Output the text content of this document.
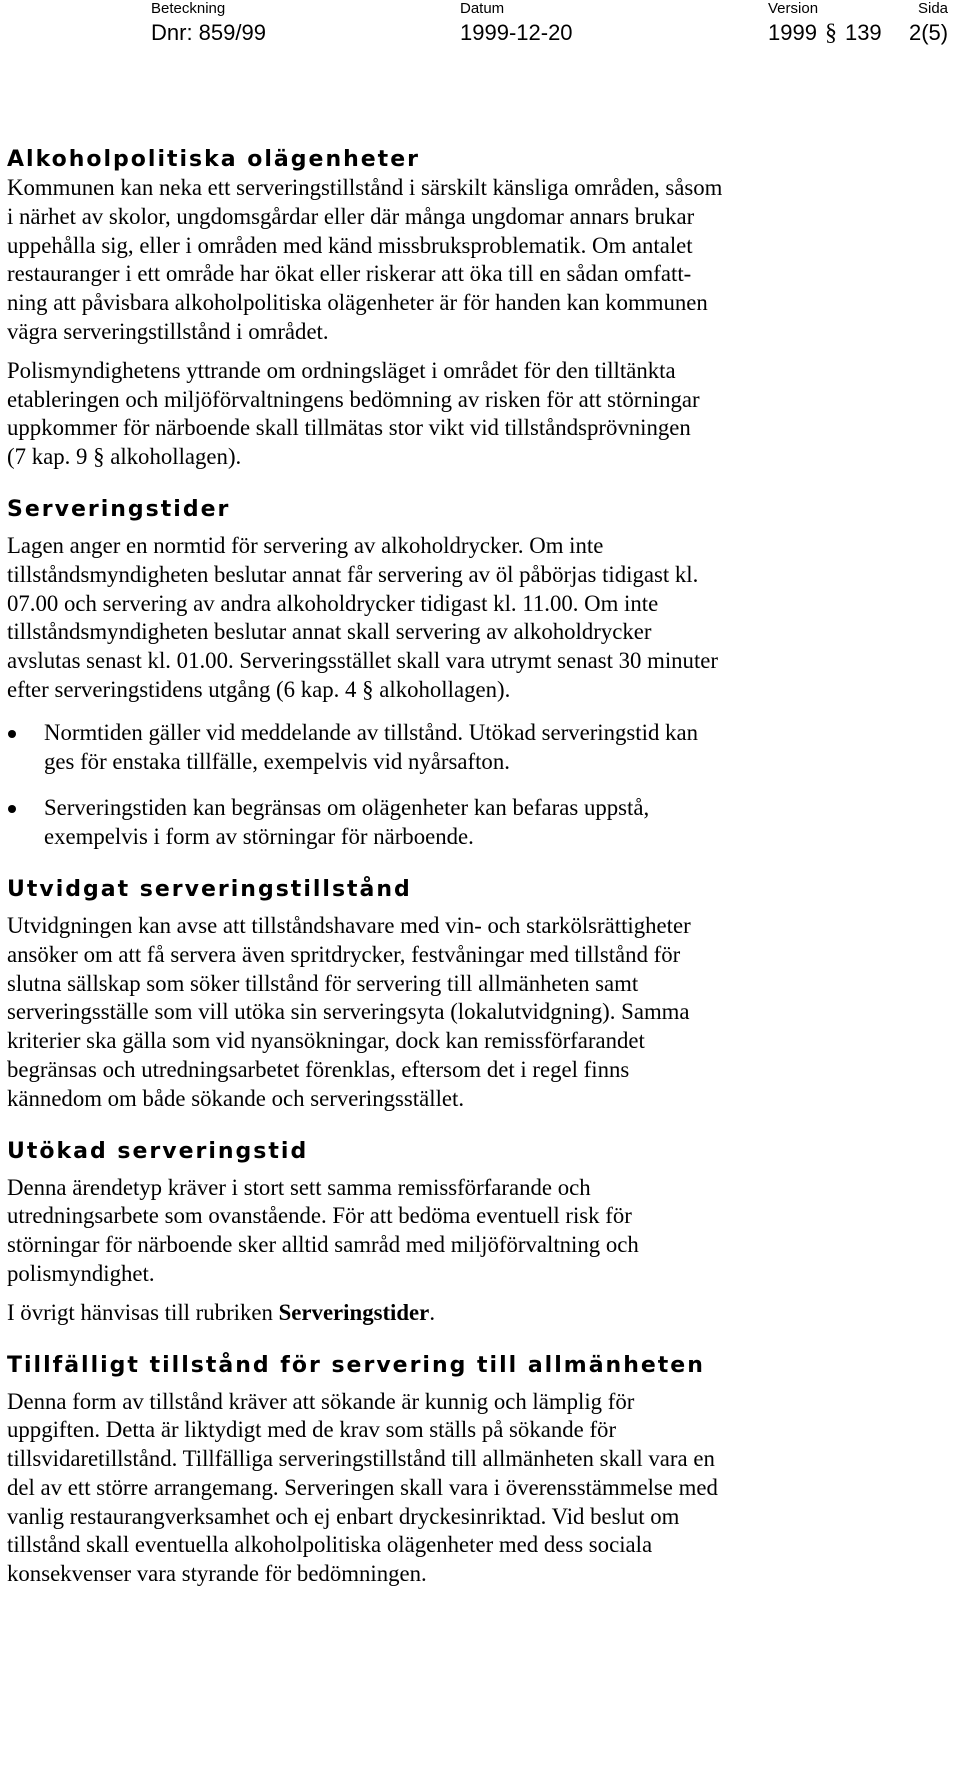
Beteckning	Datum	Version	Sida
Dnr: 859/99	1999-12-20	1999 § 139 2(5)
Alkoholpolitiska olägenheter

Kommunen kan neka ett serveringstillstånd i särskilt känsliga områden, såsom
i närhet av skolor, ungdomsgårdar eller där många ungdomar annars brukar
uppehålla sig, eller i områden med känd missbruksproblematik. Om antalet
restauranger i ett område har ökat eller riskerar att öka till en sådan omfatt-
ning att påvisbara alkoholpolitiska olägenheter är för handen kan kommunen
vägra serveringstillstånd i området.

Polismyndighetens yttrande om ordningsläget i området för den tilltänkta
etableringen och miljöförvaltningens bedömning av risken för att störningar
uppkommer för närboende skall tillmätas stor vikt vid tillståndsprövningen
(7 kap. 9 § alkohollagen).

Serveringstider

Lagen anger en normtid för servering av alkoholdrycker. Om inte
tillståndsmyndigheten beslutar annat får servering av öl påbörjas tidigast kl.
07.00 och servering av andra alkoholdrycker tidigast kl. 11.00. Om inte
tillståndsmyndigheten beslutar annat skall servering av alkoholdrycker
avslutas senast kl. 01.00. Serveringsstället skall vara utrymt senast 30 minuter
efter serveringstidens utgång (6 kap. 4 § alkohollagen).

Normtiden gäller vid meddelande av tillstånd. Utökad serveringstid kan
ges för enstaka tillfälle, exempelvis vid nyårsafton.

Serveringstiden kan begränsas om olägenheter kan befaras uppstå,
exempelvis i form av störningar för närboende.

Utvidgat serveringstillstånd

Utvidgningen kan avse att tillståndshavare med vin- och starkölsrättigheter
ansöker om att få servera även spritdrycker, festvåningar med tillstånd för
slutna sällskap som söker tillstånd för servering till allmänheten samt
serveringsställe som vill utöka sin serveringsyta (lokalutvidgning). Samma
kriterier ska gälla som vid nyansökningar, dock kan remissförfarandet
begränsas och utredningsarbetet förenklas, eftersom det i regel finns
kännedom om både sökande och serveringsstället.

Utökad serveringstid

Denna ärendetyp kräver i stort sett samma remissförfarande och
utredningsarbete som ovanstående. För att bedöma eventuell risk för
störningar för närboende sker alltid samråd med miljöförvaltning och
polismyndighet.

I övrigt hänvisas till rubriken Serveringstider.

Tillfälligt tillstånd för servering till allmänheten

Denna form av tillstånd kräver att sökande är kunnig och lämplig för
uppgiften. Detta är liktydigt med de krav som ställs på sökande för
tillsvidaretillstånd. Tillfälliga serveringstillstånd till allmänheten skall vara en
del av ett större arrangemang. Serveringen skall vara i överensstämmelse med
vanlig restaurangverksamhet och ej enbart dryckesinriktad. Vid beslut om
tillstånd skall eventuella alkoholpolitiska olägenheter med dess sociala
konsekvenser vara styrande för bedömningen.
